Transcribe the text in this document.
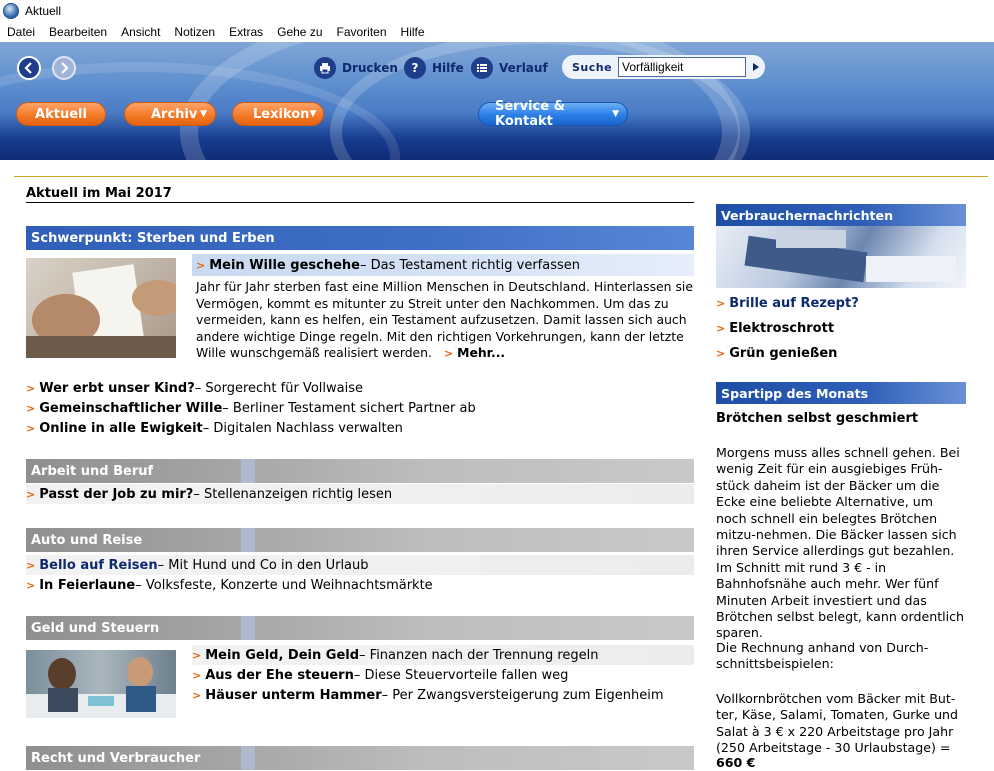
Aktuell
Datei Bearbeiten Ansicht Notizen Extras Gehe zu Favoriten Hilfe
Drucken	?	Hilfe	Verlauf Suche
Vorfälligkeit
Aktuell	Archiv ▼	Lexikon ▼	Service & Kontakt	▼
Aktuell im Mai 2017
Schwerpunkt: Sterben und Erben
> Mein Wille geschehe – Das Testament richtig verfassen
Jahr für Jahr sterben fast eine Million Menschen in Deutschland. Hinterlassen sie Vermögen, kommt es mitunter zu Streit unter den Nachkommen. Um das zu vermeiden, kann es helfen, ein Testament aufzusetzen. Damit lassen sich auch andere wichtige Dinge regeln. Mit den richtigen Vorkehrungen, kann der letzte Wille wunschgemäß realisiert werden. > Mehr...
> Wer erbt unser Kind? – Sorgerecht für Vollwaise
> Gemeinschaftlicher Wille – Berliner Testament sichert Partner ab
> Online in alle Ewigkeit – Digitalen Nachlass verwalten
Arbeit und Beruf
> Passt der Job zu mir? – Stellenanzeigen richtig lesen
Auto und Reise
> Bello auf Reisen – Mit Hund und Co in den Urlaub
> In Feierlaune – Volksfeste, Konzerte und Weihnachtsmärkte
Geld und Steuern
> Mein Geld, Dein Geld – Finanzen nach der Trennung regeln
> Aus der Ehe steuern – Diese Steuervorteile fallen weg
> Häuser unterm Hammer – Per Zwangsversteigerung zum Eigenheim
Recht und Verbraucher
Verbrauchernachrichten
> Brille auf Rezept?
> Elektroschrott
> Grün genießen
Spartipp des Monats
Brötchen selbst geschmiert
Morgens muss alles schnell gehen. Bei wenig Zeit für ein ausgiebiges Früh-stück daheim ist der Bäcker um die Ecke eine beliebte Alternative, um noch schnell ein belegtes Brötchen mitzu-nehmen. Die Bäcker lassen sich ihren Service allerdings gut bezahlen. Im Schnitt mit rund 3 € - in Bahnhofsnähe auch mehr. Wer fünf Minuten Arbeit investiert und das Brötchen selbst belegt, kann ordentlich sparen.
Die Rechnung anhand von Durch-schnittsbeispielen:
Vollkornbrötchen vom Bäcker mit But-ter, Käse, Salami, Tomaten, Gurke und Salat à 3 € x 220 Arbeitstage pro Jahr (250 Arbeitstage - 30 Urlaubstage) =
660 €
